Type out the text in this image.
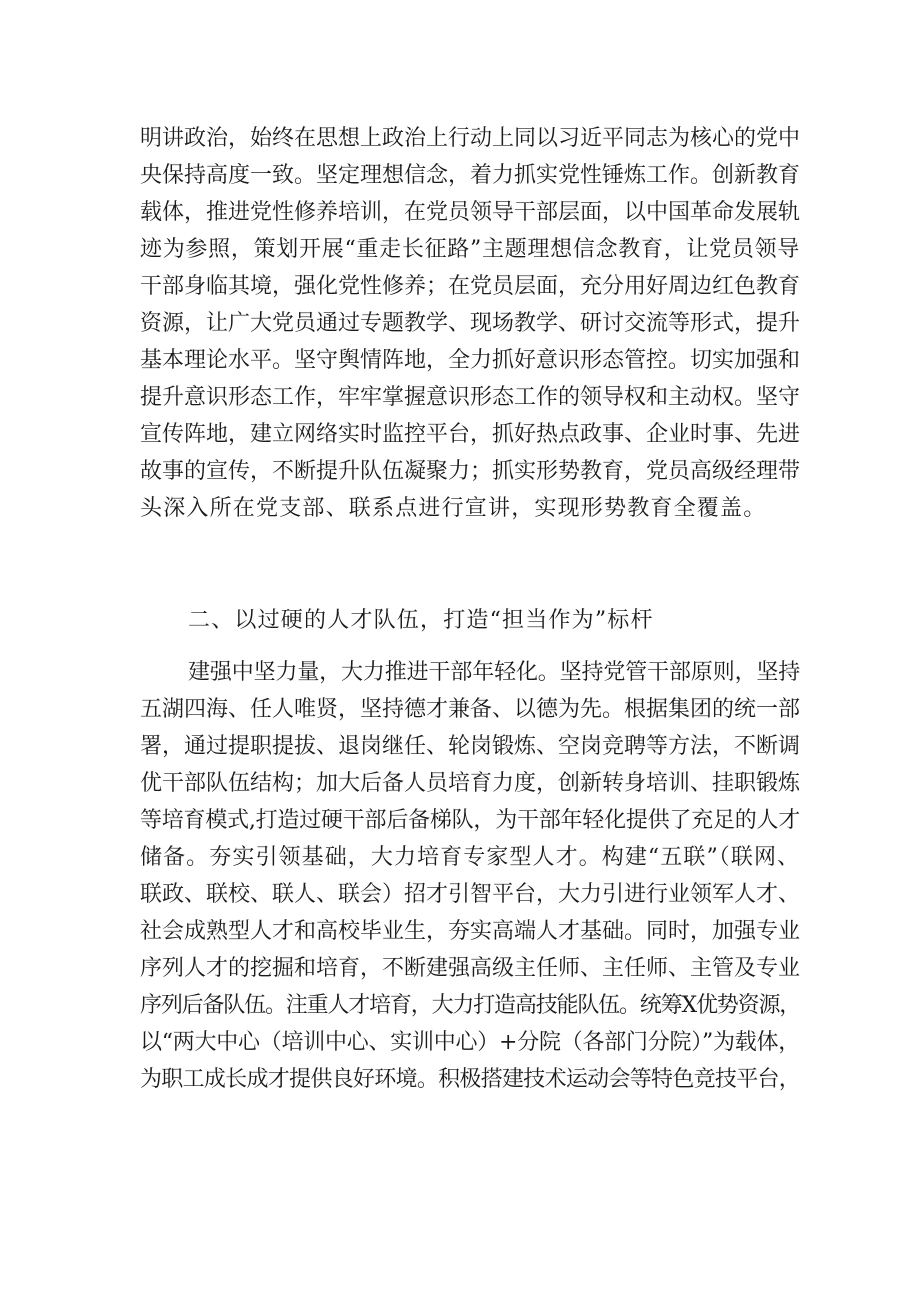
明讲政治，始终在思想上政治上行动上同以习近平同志为核心的党中
央保持高度一致。坚定理想信念，着力抓实党性锤炼工作。创新教育
载体，推进党性修养培训，在党员领导干部层面，以中国革命发展轨
迹为参照，策划开展“重走长征路”主题理想信念教育，让党员领导
干部身临其境，强化党性修养；在党员层面，充分用好周边红色教育
资源，让广大党员通过专题教学、现场教学、研讨交流等形式，提升
基本理论水平。坚守舆情阵地，全力抓好意识形态管控。切实加强和
提升意识形态工作，牢牢掌握意识形态工作的领导权和主动权。坚守
宣传阵地，建立网络实时监控平台，抓好热点政事、企业时事、先进
故事的宣传，不断提升队伍凝聚力；抓实形势教育，党员高级经理带
头深入所在党支部、联系点进行宣讲，实现形势教育全覆盖。
二、以过硬的人才队伍，打造“担当作为”标杆
建强中坚力量，大力推进干部年轻化。坚持党管干部原则，坚持
五湖四海、任人唯贤，坚持德才兼备、以德为先。根据集团的统一部
署，通过提职提拔、退岗继任、轮岗锻炼、空岗竞聘等方法，不断调
优干部队伍结构；加大后备人员培育力度，创新转身培训、挂职锻炼
等培育模式,打造过硬干部后备梯队，为干部年轻化提供了充足的人才
储备。夯实引领基础，大力培育专家型人才。构建“五联”（联网、
联政、联校、联人、联会）招才引智平台，大力引进行业领军人才、
社会成熟型人才和高校毕业生，夯实高端人才基础。同时，加强专业
序列人才的挖掘和培育，不断建强高级主任师、主任师、主管及专业
序列后备队伍。注重人才培育，大力打造高技能队伍。统筹X优势资源，
以“两大中心（培训中心、实训中心）+分院（各部门分院）”为载体，
为职工成长成才提供良好环境。积极搭建技术运动会等特色竞技平台，
